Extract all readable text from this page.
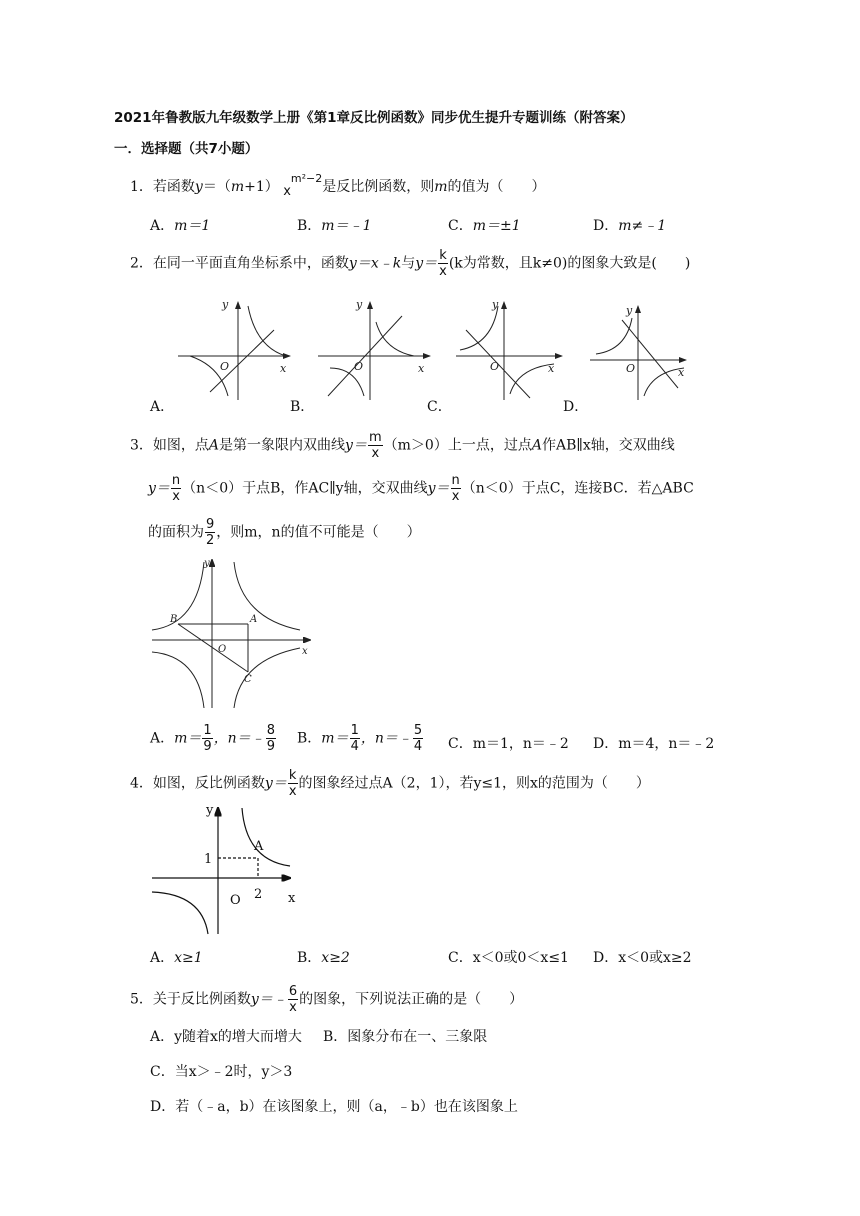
2021年鲁教版九年级数学上册《第1章反比例函数》同步优生提升专题训练（附答案）
一．选择题（共7小题）
1．若函数y＝（m+1） $x^{m^2-2}$是反比例函数，则m的值为（　　）
A．m＝1	B．m＝﹣1	C．m＝±1	D．m≠﹣1
2．在同一平面直角坐标系中，函数y＝x﹣k与$y= \frac{k}{x} (k$为常数，且k≠0)的图象大致是(　　)
y
x
O
y
x
O
y
x
O
y
x
O
A．	B．	C．	D．
3．如图，点A是第一象限内双曲线$y= \frac{m}{x} (m>0)$上一点，过点A作AB∥x轴，交双曲线
$y= \frac{n}{x} (n<0)$于点B，作AC∥y轴，交双曲线$y= \frac{n}{x} (n<0)$于点C，连接BC．若△ABC
的面积为 $\frac{9}{2}$ ，则m，n的值不可能是（　　）
B	A
O
C
x
y
A．$m= \frac{1}{9}$ ，n＝﹣ $\frac{8}{9}$ B．$m= \frac{1}{4}$ ，n＝﹣ $\frac{5}{4}$ C．m＝1，n＝﹣2 D．m＝4，n＝﹣2
4．如图，反比例函数$y= \frac{k}{x}$ 的图象经过点A（2，1），若y≤1，则x的范围为（　　）
y
1
A
O 2 x
A．x≥1	B．x≥2	C．x＜0或0＜x≤1 D．x＜0或x≥2
5．关于反比例函数y＝﹣ $\frac{6}{x}$ 的图象，下列说法正确的是（　　）
A．y随着x的增大而增大 B．图象分布在一、三象限
C．当x＞﹣2时，y＞3
D．若（﹣a，b）在该图象上，则（a，﹣b）也在该图象上
